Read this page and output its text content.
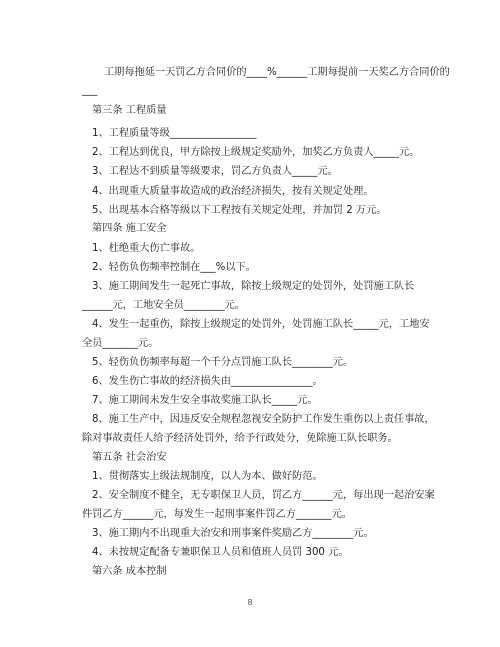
工期每拖延一天罚乙方合同价的____%______工期每提前一天奖乙方合同价的
___
第三条 工程质量
1、工程质量等级_________________
2、工程达到优良，甲方除按上级规定奖励外，加奖乙方负责人_____元。
3、工程达不到质量等级要求，罚乙方负责人_____元。
4、出现重大质量事故造成的政治经济损失，按有关规定处理。
5、出现基本合格等级以下工程按有关规定处理，并加罚 2 万元。
第四条 施工安全
1、杜绝重大伤亡事故。
2、轻伤负伤频率控制在___%以下。
3、施工期间发生一起死亡事故，除按上级规定的处罚外，处罚施工队长
______元，工地安全员________元。
4、发生一起重伤，除按上级规定的处罚外，处罚施工队长_____元，工地安
全员_______元。
5、轻伤负伤频率每超一个千分点罚施工队长________元。
6、发生伤亡事故的经济损失由________________。
7、施工期间未发生安全事故奖施工队长_____元。
8、施工生产中，因违反安全规程忽视安全防护工作发生重伤以上责任事故，
除对事故责任人给予经济处罚外，给予行政处分，免除施工队长职务。
第五条 社会治安
1、贯彻落实上级法规制度，以人为本、做好防范。
2、安全制度不健全，无专职保卫人员，罚乙方______元，每出现一起治安案
件罚乙方______元，每发生一起刑事案件罚乙方_______元。
3、施工期内不出现重大治安和刑事案件奖励乙方________元。
4、未按规定配备专兼职保卫人员和值班人员罚 300 元。
第六条 成本控制
8
